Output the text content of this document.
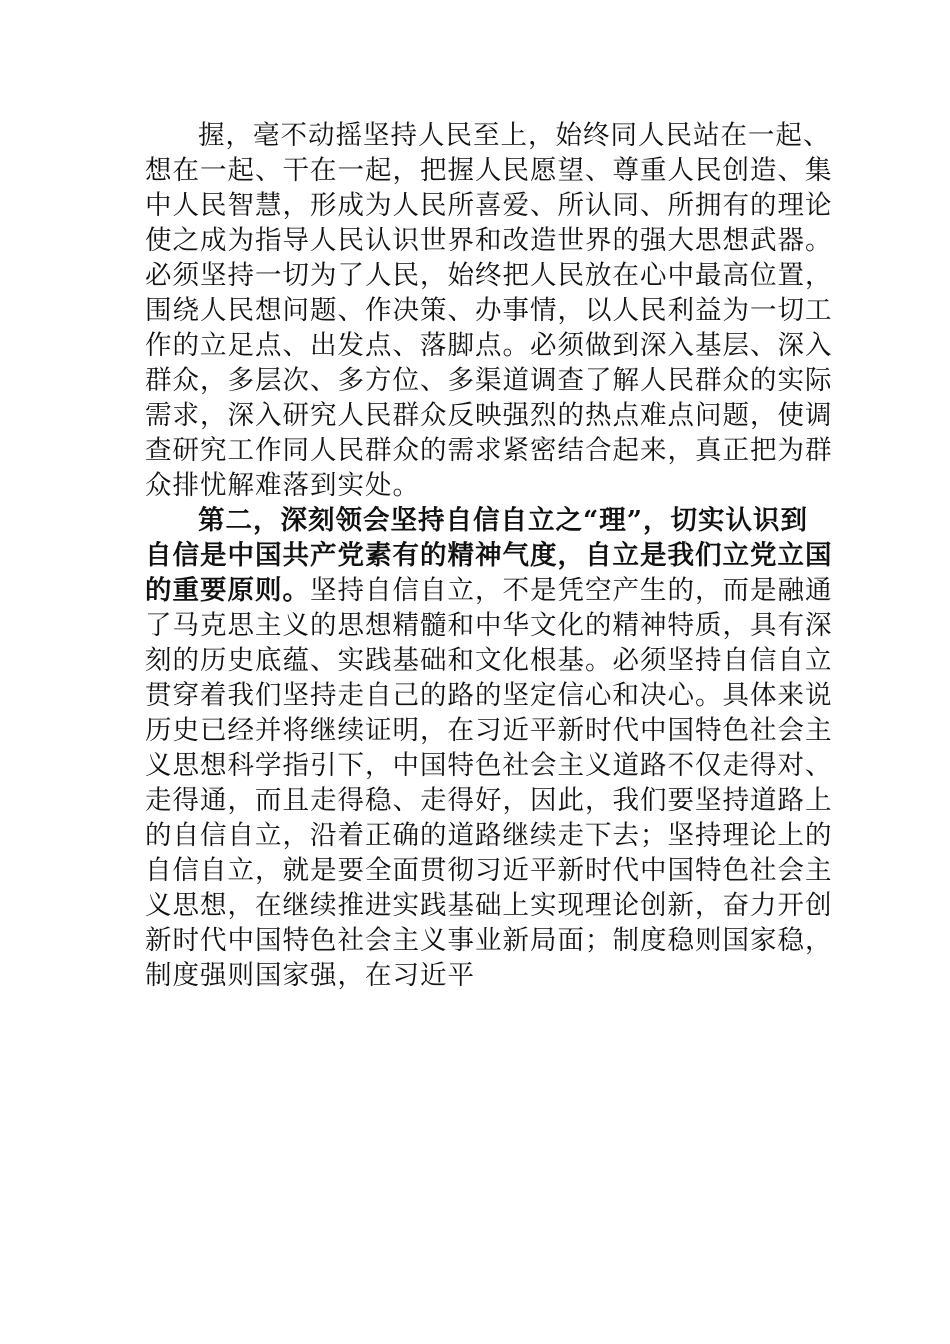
握，毫不动摇坚持人民至上，始终同人民站在一起、
想在一起、干在一起，把握人民愿望、尊重人民创造、集
中人民智慧，形成为人民所喜爱、所认同、所拥有的理论
使之成为指导人民认识世界和改造世界的强大思想武器。
必须坚持一切为了人民，始终把人民放在心中最高位置，
围绕人民想问题、作决策、办事情，以人民利益为一切工
作的立足点、出发点、落脚点。必须做到深入基层、深入
群众，多层次、多方位、多渠道调查了解人民群众的实际
需求，深入研究人民群众反映强烈的热点难点问题，使调
查研究工作同人民群众的需求紧密结合起来，真正把为群
众排忧解难落到实处。
第二，深刻领会坚持自信自立之“理”，切实认识到
自信是中国共产党素有的精神气度，自立是我们立党立国
的重要原则。坚持自信自立，不是凭空产生的，而是融通
了马克思主义的思想精髓和中华文化的精神特质，具有深
刻的历史底蕴、实践基础和文化根基。必须坚持自信自立
贯穿着我们坚持走自己的路的坚定信心和决心。具体来说
历史已经并将继续证明，在习近平新时代中国特色社会主
义思想科学指引下，中国特色社会主义道路不仅走得对、
走得通，而且走得稳、走得好，因此，我们要坚持道路上
的自信自立，沿着正确的道路继续走下去；坚持理论上的
自信自立，就是要全面贯彻习近平新时代中国特色社会主
义思想，在继续推进实践基础上实现理论创新，奋力开创
新时代中国特色社会主义事业新局面；制度稳则国家稳，
制度强则国家强，在习近平
